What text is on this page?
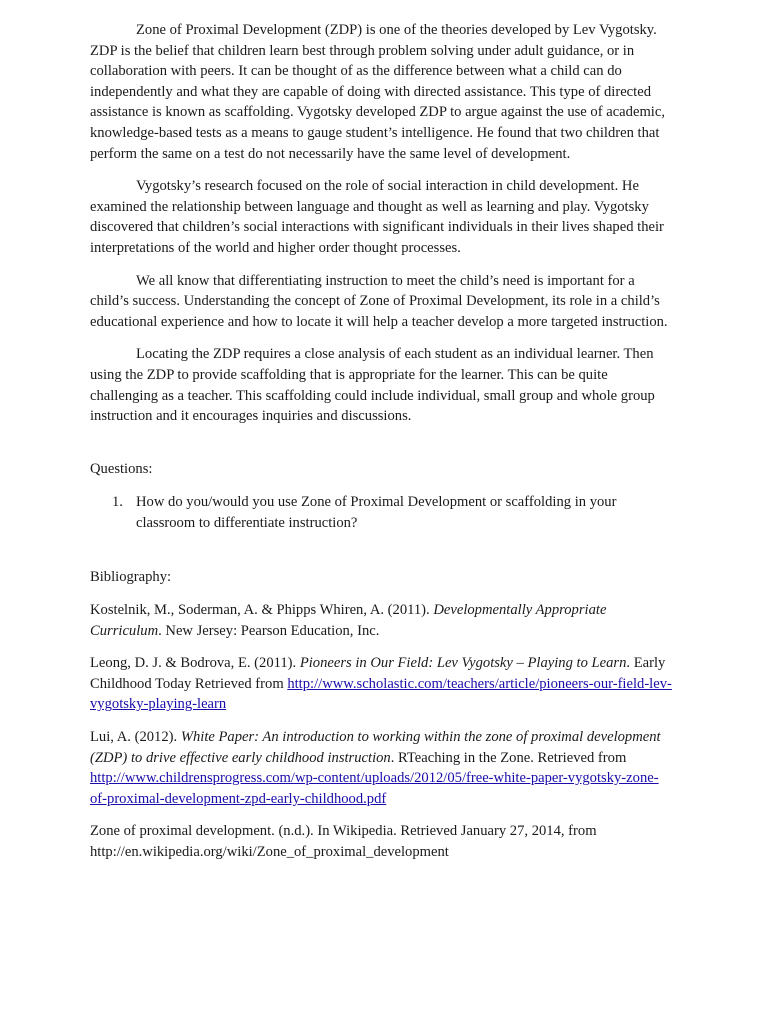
Zone of Proximal Development (ZDP) is one of the theories developed by Lev Vygotsky. ZDP is the belief that children learn best through problem solving under adult guidance, or in collaboration with peers. It can be thought of as the difference between what a child can do independently and what they are capable of doing with directed assistance. This type of directed assistance is known as scaffolding. Vygotsky developed ZDP to argue against the use of academic, knowledge-based tests as a means to gauge student’s intelligence. He found that two children that perform the same on a test do not necessarily have the same level of development.

Vygotsky’s research focused on the role of social interaction in child development. He examined the relationship between language and thought as well as learning and play. Vygotsky discovered that children’s social interactions with significant individuals in their lives shaped their interpretations of the world and higher order thought processes.

We all know that differentiating instruction to meet the child’s need is important for a child’s success. Understanding the concept of Zone of Proximal Development, its role in a child’s educational experience and how to locate it will help a teacher develop a more targeted instruction.

Locating the ZDP requires a close analysis of each student as an individual learner. Then using the ZDP to provide scaffolding that is appropriate for the learner. This can be quite challenging as a teacher. This scaffolding could include individual, small group and whole group instruction and it encourages inquiries and discussions.

Questions:

1. How do you/would you use Zone of Proximal Development or scaffolding in your classroom to differentiate instruction?

Bibliography:

Kostelnik, M., Soderman, A. & Phipps Whiren, A. (2011). Developmentally Appropriate Curriculum. New Jersey: Pearson Education, Inc.

Leong, D. J. & Bodrova, E. (2011). Pioneers in Our Field: Lev Vygotsky – Playing to Learn. Early Childhood Today Retrieved from http://www.scholastic.com/teachers/article/pioneers-our-field-lev-vygotsky-playing-learn

Lui, A. (2012). White Paper: An introduction to working within the zone of proximal development (ZDP) to drive effective early childhood instruction. RTeaching in the Zone. Retrieved from http://www.childrensprogress.com/wp-content/uploads/2012/05/free-white-paper-vygotsky-zone-of-proximal-development-zpd-early-childhood.pdf

Zone of proximal development. (n.d.). In Wikipedia. Retrieved January 27, 2014, from http://en.wikipedia.org/wiki/Zone_of_proximal_development
